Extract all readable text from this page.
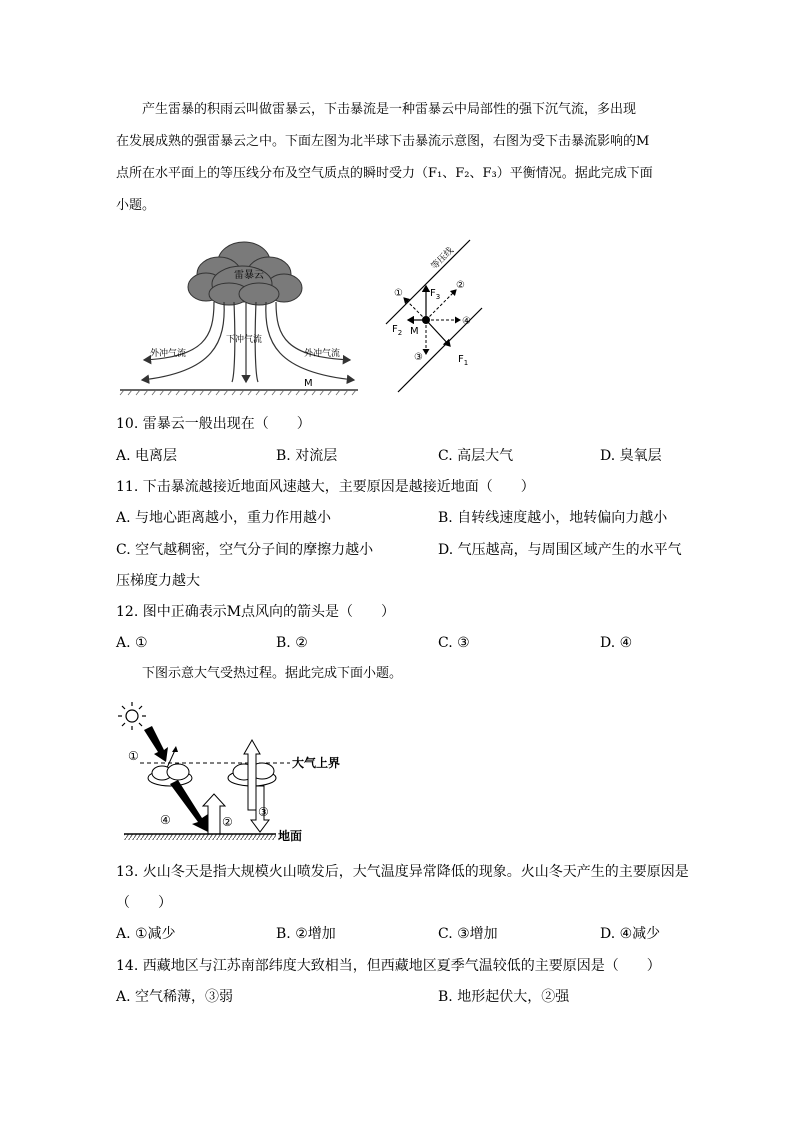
产生雷暴的积雨云叫做雷暴云，下击暴流是一种雷暴云中局部性的强下沉气流，多出现
在发展成熟的强雷暴云之中。下面左图为北半球下击暴流示意图，右图为受下击暴流影响的M
点所在水平面上的等压线分布及空气质点的瞬时受力（F₁、F₂、F₃）平衡情况。据此完成下面
小题。
雷暴云
外冲气流	外冲气流
下冲气流
M
等压线
①
②
③
④
$F_3$
$F_2$ M
$F_1$
10. 雷暴云一般出现在（　　）
A. 电离层	B. 对流层	C. 高层大气	D. 臭氧层
11. 下击暴流越接近地面风速越大，主要原因是越接近地面（　　）
A. 与地心距离越小，重力作用越小	B. 自转线速度越小，地转偏向力越小
C. 空气越稠密，空气分子间的摩擦力越小	D. 气压越高，与周围区域产生的水平气
压梯度力越大
12. 图中正确表示M点风向的箭头是（　　）
A. ①	B. ②	C. ③	D. ④
下图示意大气受热过程。据此完成下面小题。
大气上界
①
④	②
③
地面
13. 火山冬天是指大规模火山喷发后，大气温度异常降低的现象。火山冬天产生的主要原因是
（　　）
A. ①减少	B. ②增加	C. ③增加	D. ④减少
14. 西藏地区与江苏南部纬度大致相当，但西藏地区夏季气温较低的主要原因是（　　）
A. 空气稀薄，③弱	B. 地形起伏大，②强
